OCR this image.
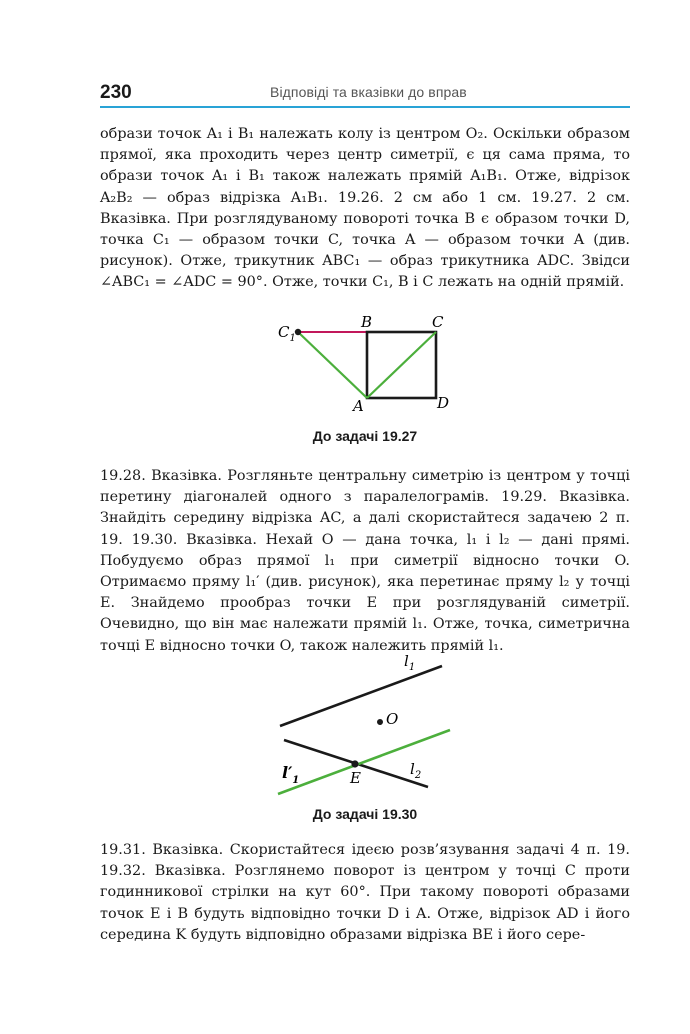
230	Відповіді та вказівки до вправ

образи точок A₁ і B₁ належать колу із центром O₂. Оскільки образом прямої, яка проходить через центр симетрії, є ця сама пряма, то образи точок A₁ і B₁ також належать прямій A₁B₁. Отже, відрізок A₂B₂ — образ відрізка A₁B₁. 19.26. 2 см або 1 см. 19.27. 2 см. Вказівка. При розглядуваному повороті точка B є образом точки D, точка C₁ — образом точки C, точка A — образом точки A (див. рисунок). Отже, трикутник ABC₁ — образ трикутника ADC. Звідси ∠ABC₁ = ∠ADC = 90°. Отже, точки C₁, B і C лежать на одній прямій.

$C_1$
B	C
A	D
До задачі 19.27

19.28. Вказівка. Розгляньте центральну симетрію із центром у точці перетину діагоналей одного з паралелограмів. 19.29. Вказівка. Знайдіть середину відрізка AC, а далі скористайтеся задачею 2 п. 19. 19.30. Вказівка. Нехай O — дана точка, l₁ і l₂ — дані прямі. Побудуємо образ прямої l₁ при симетрії відносно точки O. Отримаємо пряму l₁′ (див. рисунок), яка перетинає пряму l₂ у точці E. Знайдемо прообраз точки E при розглядуваній симетрії. Очевидно, що він має належати прямій l₁. Отже, точка, симетрична точці E відносно точки O, також належить прямій l₁.

$l_1$
O
E	$l_2$
$l'_1$
До задачі 19.30

19.31. Вказівка. Скористайтеся ідеєю розв’язування задачі 4 п. 19. 19.32. Вказівка. Розглянемо поворот із центром у точці C проти годинникової стрілки на кут 60°. При такому повороті образами точок E і B будуть відповідно точки D і A. Отже, відрізок AD і його середина K будуть відповідно образами відрізка BE і його сере-
